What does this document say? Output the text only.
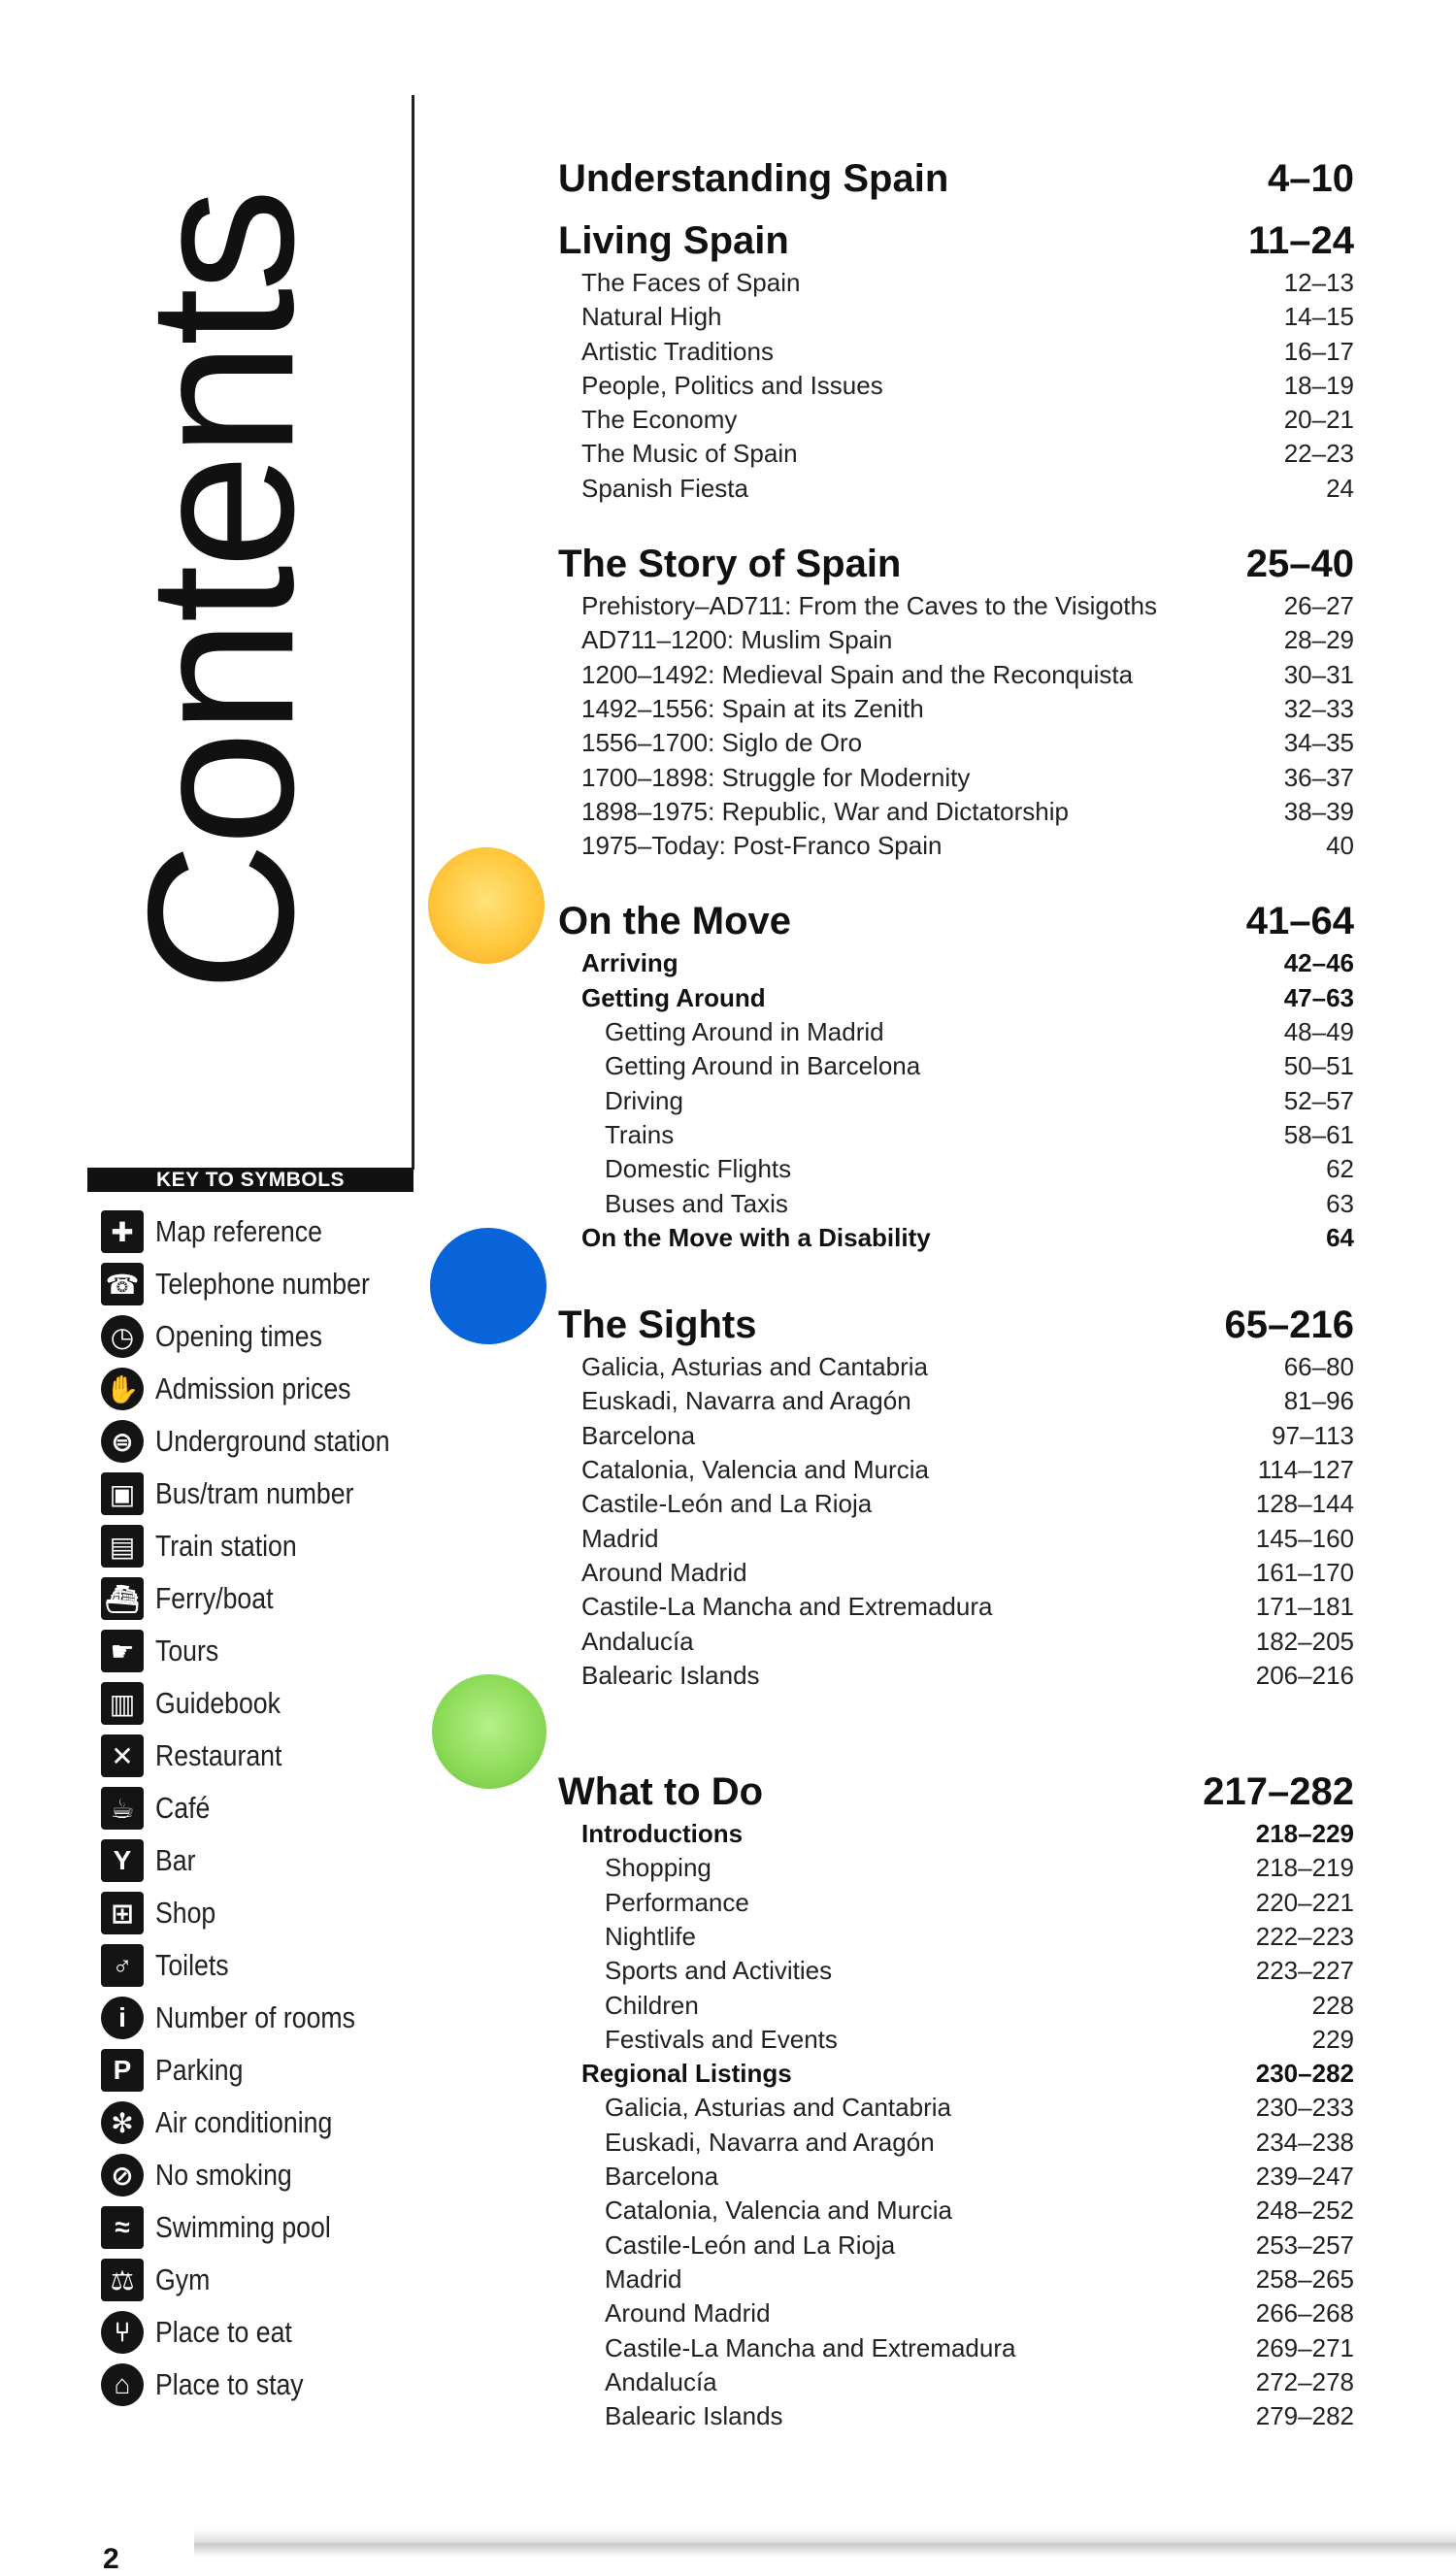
Contents
KEY TO SYMBOLS
✚ Map reference
☎ Telephone number
◷ Opening times
✋ Admission prices
⊜ Underground station
▣ Bus/tram number
▤ Train station
⛴ Ferry/boat
☛ Tours
▥ Guidebook
✕ Restaurant
☕ Café
Y Bar
⊞ Shop
♂ Toilets
i Number of rooms
P Parking
✻ Air conditioning
⊘ No smoking
≈ Swimming pool
⚖ Gym
⑂ Place to eat
⌂ Place to stay
Understanding Spain	4–10
Living Spain	11–24
The Faces of Spain	12–13
Natural High	14–15
Artistic Traditions	16–17
People, Politics and Issues	18–19
The Economy	20–21
The Music of Spain	22–23
Spanish Fiesta	24
The Story of Spain	25–40
Prehistory–AD711: From the Caves to the Visigoths	26–27
AD711–1200: Muslim Spain	28–29
1200–1492: Medieval Spain and the Reconquista	30–31
1492–1556: Spain at its Zenith	32–33
1556–1700: Siglo de Oro	34–35
1700–1898: Struggle for Modernity	36–37
1898–1975: Republic, War and Dictatorship	38–39
1975–Today: Post-Franco Spain	40
On the Move	41–64
Arriving	42–46
Getting Around	47–63
Getting Around in Madrid	48–49
Getting Around in Barcelona	50–51
Driving	52–57
Trains	58–61
Domestic Flights	62
Buses and Taxis	63
On the Move with a Disability	64
The Sights	65–216
Galicia, Asturias and Cantabria	66–80
Euskadi, Navarra and Aragón	81–96
Barcelona	97–113
Catalonia, Valencia and Murcia	114–127
Castile-León and La Rioja	128–144
Madrid	145–160
Around Madrid	161–170
Castile-La Mancha and Extremadura	171–181
Andalucía	182–205
Balearic Islands	206–216
What to Do	217–282
Introductions	218–229
Shopping	218–219
Performance	220–221
Nightlife	222–223
Sports and Activities	223–227
Children	228
Festivals and Events	229
Regional Listings	230–282
Galicia, Asturias and Cantabria	230–233
Euskadi, Navarra and Aragón	234–238
Barcelona	239–247
Catalonia, Valencia and Murcia	248–252
Castile-León and La Rioja	253–257
Madrid	258–265
Around Madrid	266–268
Castile-La Mancha and Extremadura	269–271
Andalucía	272–278
Balearic Islands	279–282
2
